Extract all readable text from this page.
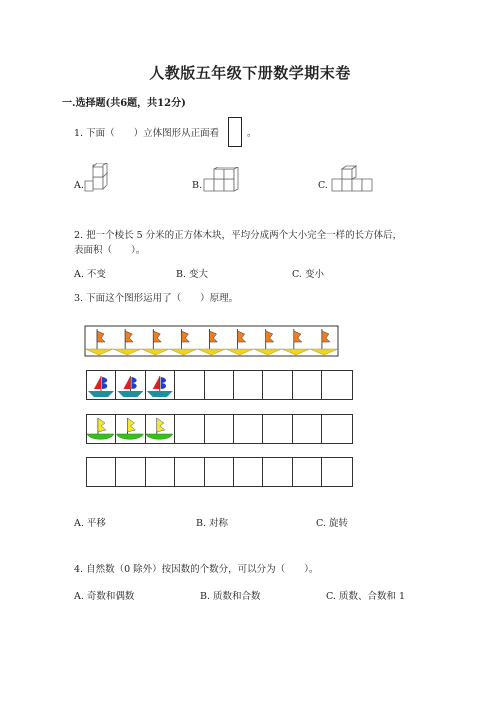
人教版五年级下册数学期末卷
一.选择题(共6题，共12分)
1. 下面（　　）立体图形从正面看	。
A.	B.	C.
2. 把一个棱长 5 分米的正方体木块，平均分成两个大小完全一样的长方体后，
表面积（　　）。
A. 不变	B. 变大	C. 变小
3. 下面这个图形运用了（　　）原理。
A. 平移	B. 对称	C. 旋转
4. 自然数（0 除外）按因数的个数分，可以分为（　　）。
A. 奇数和偶数	B. 质数和合数	C. 质数、合数和 1
